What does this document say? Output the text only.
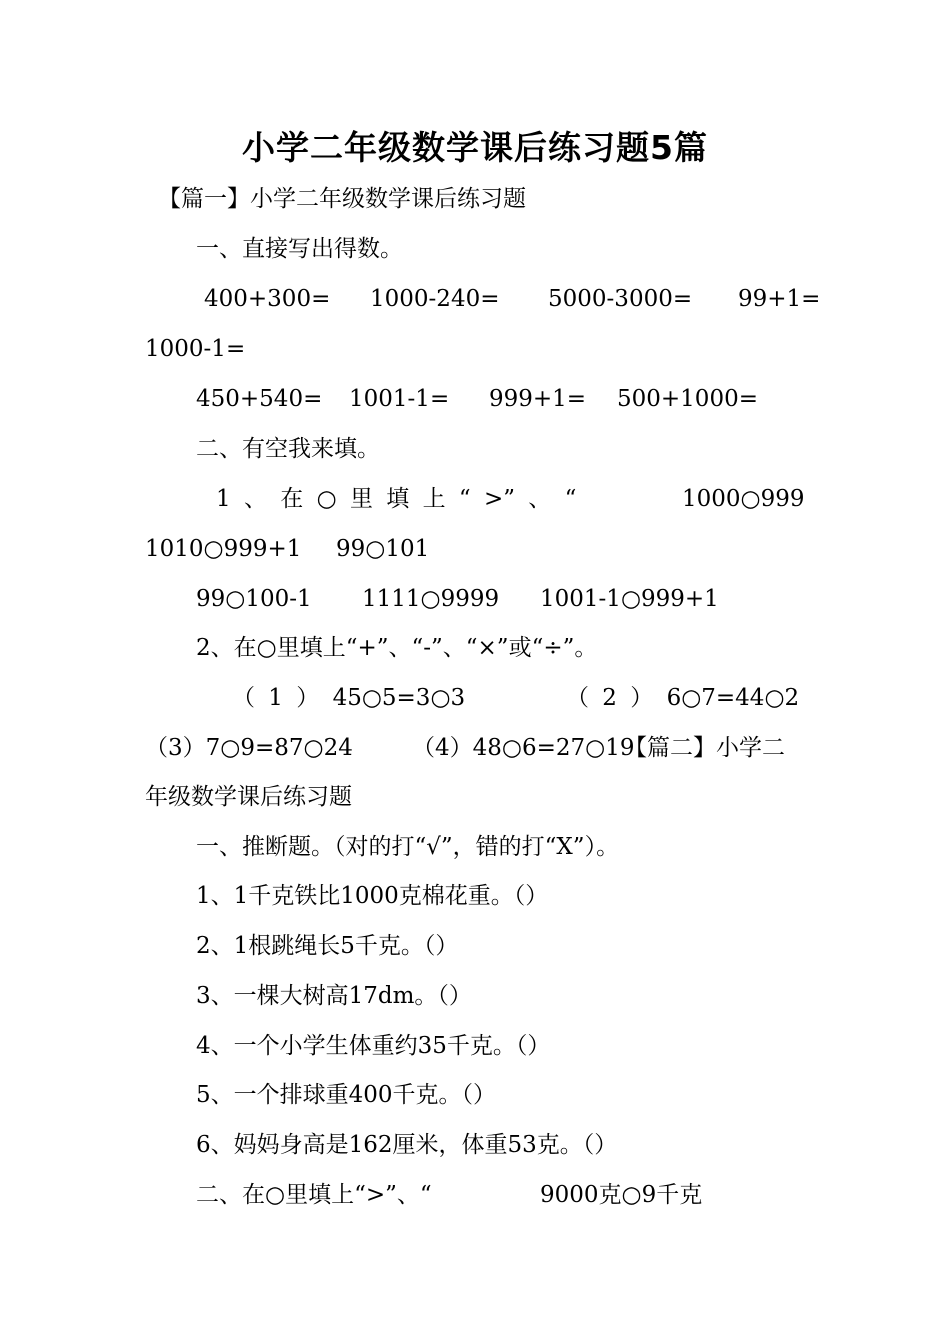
小学二年级数学课后练习题5篇
【篇一】小学二年级数学课后练习题
一、直接写出得数。
400+300= 1000-240= 5000-3000= 99+1=
1000-1=
450+540= 1001-1= 999+1= 500+1000=
二、有空我来填。
1 、 在 ○ 里 填 上 “ >” 、 “	1000○999
1010○999+1 99○101
99○100-1 1111○9999 1001-1○999+1
2、在○里填上“+”、“-”、“×”或“÷”。
（ 1 ） 45○5=3○3	（ 2 ） 6○7=44○2
（3）7○9=87○24	（4）48○6=27○19
【篇二】小学二
年级数学课后练习题
一、推断题。（对的打“√”，错的打“X”）。
1、1千克铁比1000克棉花重。（）
2、1根跳绳长5千克。（）
3、一棵大树高17dm。（）
4、一个小学生体重约35千克。（）
5、一个排球重400千克。（）
6、妈妈身高是162厘米，体重53克。（）
二、在○里填上“>”、“	9000克○9千克
